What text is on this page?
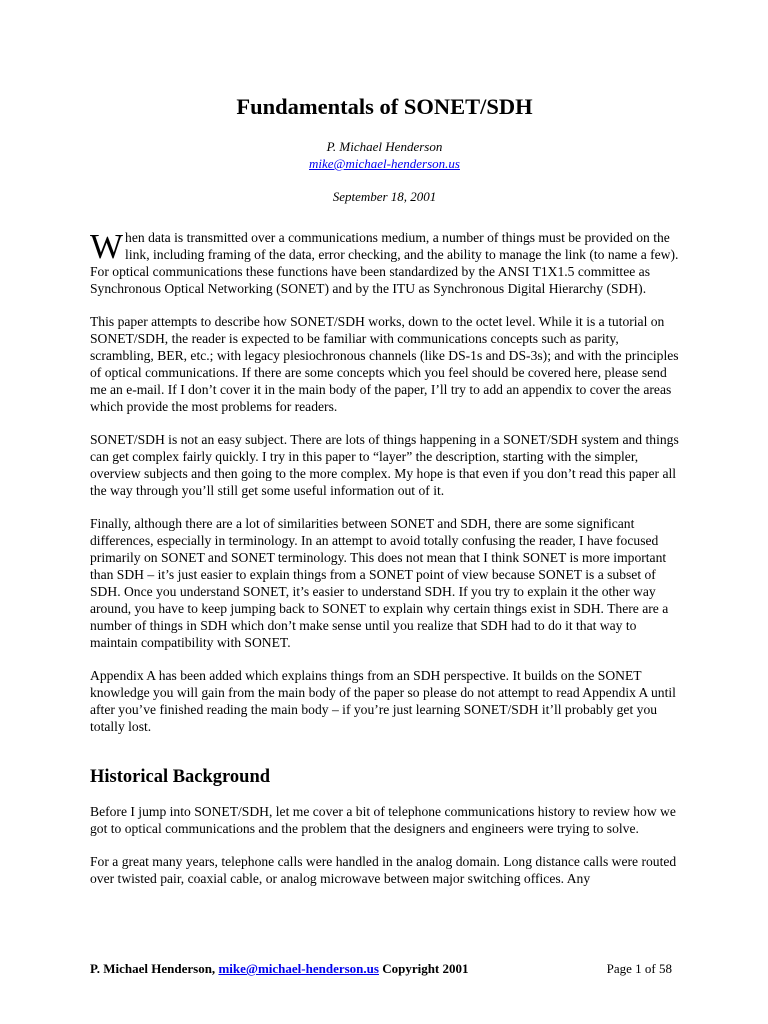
Fundamentals of SONET/SDH
P. Michael Henderson
mike@michael-henderson.us
September 18, 2001

When data is transmitted over a communications medium, a number of things must be provided on the link, including framing of the data, error checking, and the ability to manage the link (to name a few). For optical communications these functions have been standardized by the ANSI T1X1.5 committee as Synchronous Optical Networking (SONET) and by the ITU as Synchronous Digital Hierarchy (SDH).

This paper attempts to describe how SONET/SDH works, down to the octet level. While it is a tutorial on SONET/SDH, the reader is expected to be familiar with communications concepts such as parity, scrambling, BER, etc.; with legacy plesiochronous channels (like DS-1s and DS-3s); and with the principles of optical communications. If there are some concepts which you feel should be covered here, please send me an e-mail. If I don’t cover it in the main body of the paper, I’ll try to add an appendix to cover the areas which provide the most problems for readers.

SONET/SDH is not an easy subject. There are lots of things happening in a SONET/SDH system and things can get complex fairly quickly. I try in this paper to “layer” the description, starting with the simpler, overview subjects and then going to the more complex. My hope is that even if you don’t read this paper all the way through you’ll still get some useful information out of it.

Finally, although there are a lot of similarities between SONET and SDH, there are some significant differences, especially in terminology. In an attempt to avoid totally confusing the reader, I have focused primarily on SONET and SONET terminology. This does not mean that I think SONET is more important than SDH – it’s just easier to explain things from a SONET point of view because SONET is a subset of SDH. Once you understand SONET, it’s easier to understand SDH. If you try to explain it the other way around, you have to keep jumping back to SONET to explain why certain things exist in SDH. There are a number of things in SDH which don’t make sense until you realize that SDH had to do it that way to maintain compatibility with SONET.

Appendix A has been added which explains things from an SDH perspective. It builds on the SONET knowledge you will gain from the main body of the paper so please do not attempt to read Appendix A until after you’ve finished reading the main body – if you’re just learning SONET/SDH it’ll probably get you totally lost.

Historical Background

Before I jump into SONET/SDH, let me cover a bit of telephone communications history to review how we got to optical communications and the problem that the designers and engineers were trying to solve.

For a great many years, telephone calls were handled in the analog domain. Long distance calls were routed over twisted pair, coaxial cable, or analog microwave between major switching offices. Any

P. Michael Henderson, mike@michael-henderson.us Copyright 2001	Page 1 of 58
